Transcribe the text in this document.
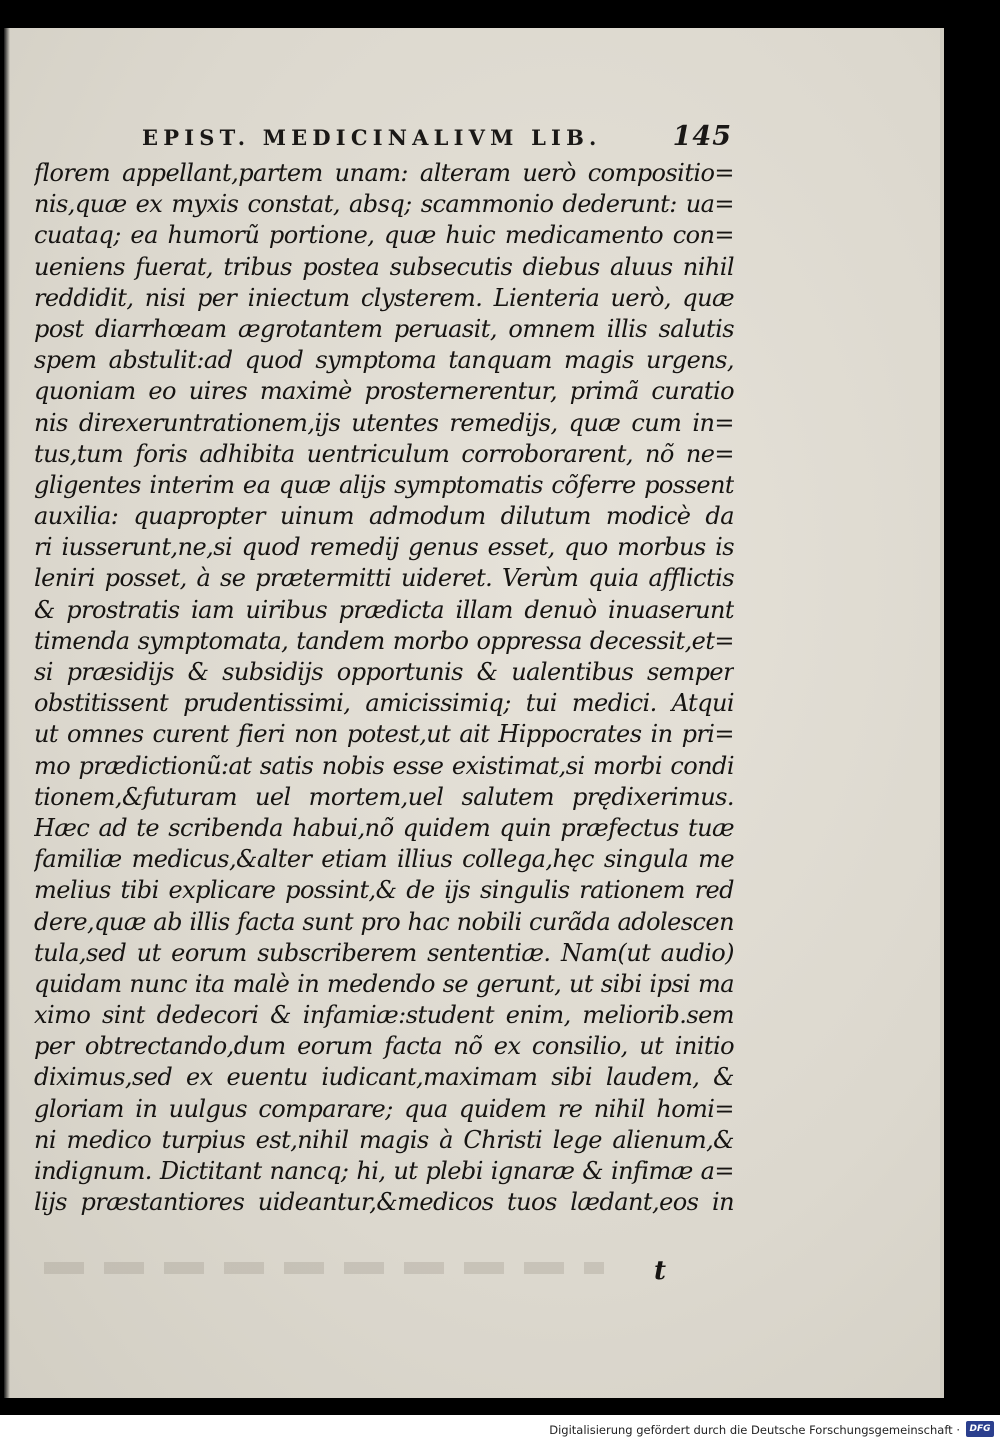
EPIST. MEDICINALIVM LIB.	145
florem appellant,partem unam: alteram uerò compositio=
nis,quæ ex myxis constat, absq; scammonio dederunt: ua=
cuataq; ea humorũ portione, quæ huic medicamento con=
ueniens fuerat, tribus postea subsecutis diebus aluus nihil
reddidit, nisi per iniectum clysterem. Lienteria uerò, quæ
post diarrhœam ægrotantem peruasit, omnem illis salutis
spem abstulit:ad quod symptoma tanquam magis urgens,
quoniam eo uires maximè prosternerentur, primã curatio
nis direxeruntrationem,ijs utentes remedijs, quæ cum in=
tus,tum foris adhibita uentriculum corroborarent, nõ ne=
gligentes interim ea quæ alijs symptomatis cõferre possent
auxilia: quapropter uinum admodum dilutum modicè da
ri iusserunt,ne,si quod remedij genus esset, quo morbus is
leniri posset, à se prætermitti uideret. Verùm quia afflictis
& prostratis iam uiribus prædicta illam denuò inuaserunt
timenda symptomata, tandem morbo oppressa decessit,et=
si præsidijs & subsidijs opportunis & ualentibus semper
obstitissent prudentissimi, amicissimiq; tui medici. Atqui
ut omnes curent fieri non potest,ut ait Hippocrates in pri=
mo prædictionũ:at satis nobis esse existimat,si morbi condi
tionem,&futuram uel mortem,uel salutem prędixerimus.
Hæc ad te scribenda habui,nõ quidem quin præfectus tuæ
familiæ medicus,&alter etiam illius collega,hęc singula me
melius tibi explicare possint,& de ijs singulis rationem red
dere,quæ ab illis facta sunt pro hac nobili curãda adolescen
tula,sed ut eorum subscriberem sententiæ. Nam(ut audio)
quidam nunc ita malè in medendo se gerunt, ut sibi ipsi ma
ximo sint dedecori & infamiæ:student enim, meliorib.sem
per obtrectando,dum eorum facta nõ ex consilio, ut initio
diximus,sed ex euentu iudicant,maximam sibi laudem, &
gloriam in uulgus comparare; qua quidem re nihil homi=
ni medico turpius est,nihil magis à Christi lege alienum,&
indignum. Dictitant nancq; hi, ut plebi ignaræ & infimæ a=
lijs præstantiores uideantur,&medicos tuos lædant,eos in
t
Digitalisierung gefördert durch die Deutsche Forschungsgemeinschaft ·	DFG
